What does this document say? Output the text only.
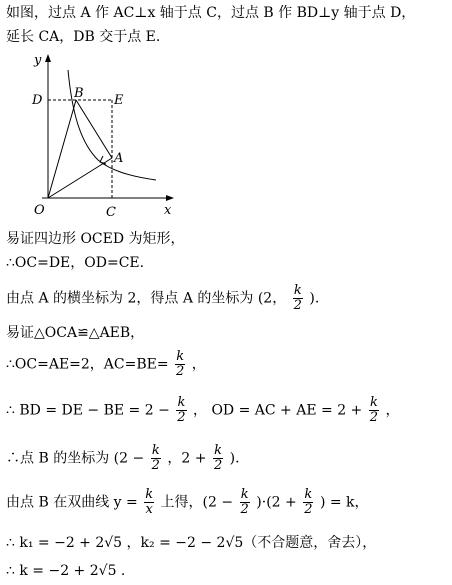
如图，过点 A 作 AC⊥x 轴于点 C，过点 B 作 BD⊥y 轴于点 D，
延长 CA，DB 交于点 E.
y
D B E
A
O	C	x
易证四边形 OCED 为矩形，
∴OC=DE，OD=CE.
由点 A 的横坐标为 2，得点 A 的坐标为 (2， $\frac{k}{2}$ ).
易证△OCA≌△AEB，
∴OC=AE=2，$AC=BE= \frac{k}{2}$ ，
∴ BD = DE − BE = $2 - \frac{k}{2}$ ， OD = AC + AE = $2 + \frac{k}{2}$ ，
∴点 B 的坐标为 ($2 - \frac{k}{2}$ ，$2 + \frac{k}{2}$ ).
由点 B 在双曲线 $y = \frac{k}{x}$ 上得，$(2 - \frac{k}{2} )\cdot(2 + \frac{k}{2}$ ) = k，
∴ k₁ = −2 + 2√5 ，k₂ = −2 − 2√5（不合题意，舍去），
∴ k = −2 + 2√5 .
